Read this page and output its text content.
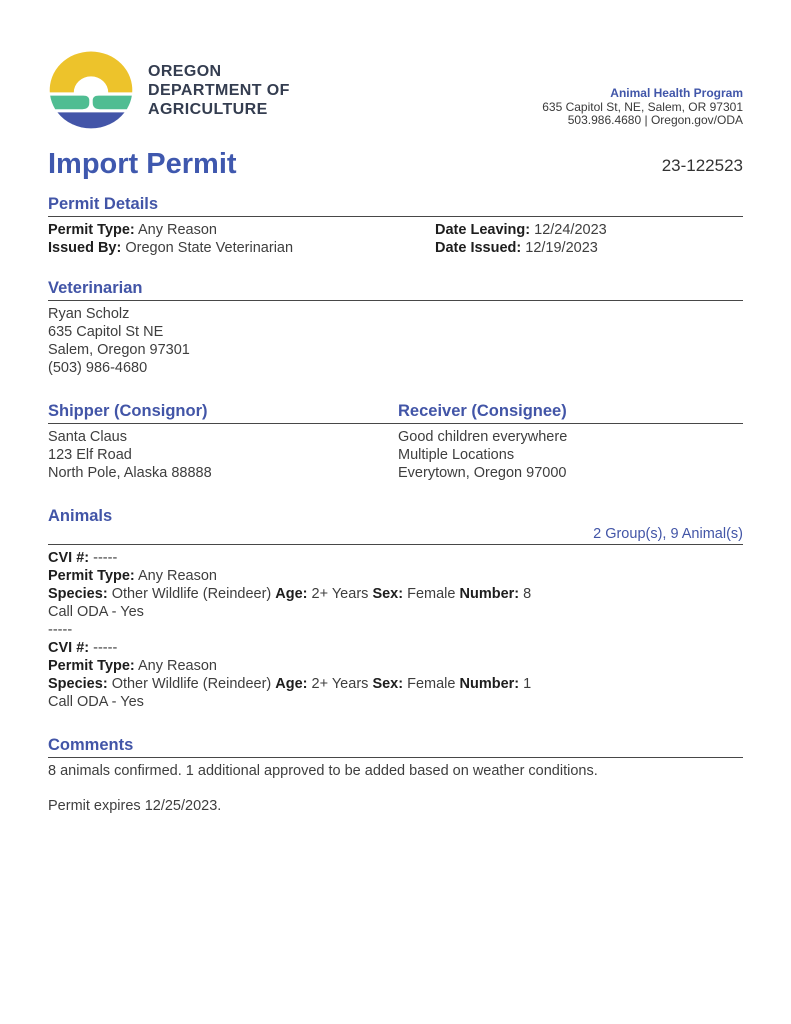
OREGON
DEPARTMENT OF
AGRICULTURE
Animal Health Program
635 Capitol St, NE, Salem, OR 97301
503.986.4680 | Oregon.gov/ODA
Import Permit	23-122523
Permit Details
Permit Type: Any Reason
Issued By: Oregon State Veterinarian
Date Leaving: 12/24/2023
Date Issued: 12/19/2023
Veterinarian
Ryan Scholz
635 Capitol St NE
Salem, Oregon 97301
(503) 986-4680
Shipper (Consignor)	Receiver (Consignee)
Santa Claus
123 Elf Road
North Pole, Alaska 88888
Good children everywhere
Multiple Locations
Everytown, Oregon 97000
Animals
2 Group(s), 9 Animal(s)
CVI #: -----
Permit Type: Any Reason
Species: Other Wildlife (Reindeer) Age: 2+ Years Sex: Female Number: 8
Call ODA - Yes
-----
CVI #: -----
Permit Type: Any Reason
Species: Other Wildlife (Reindeer) Age: 2+ Years Sex: Female Number: 1
Call ODA - Yes
Comments

8 animals confirmed. 1 additional approved to be added based on weather conditions.

Permit expires 12/25/2023.
